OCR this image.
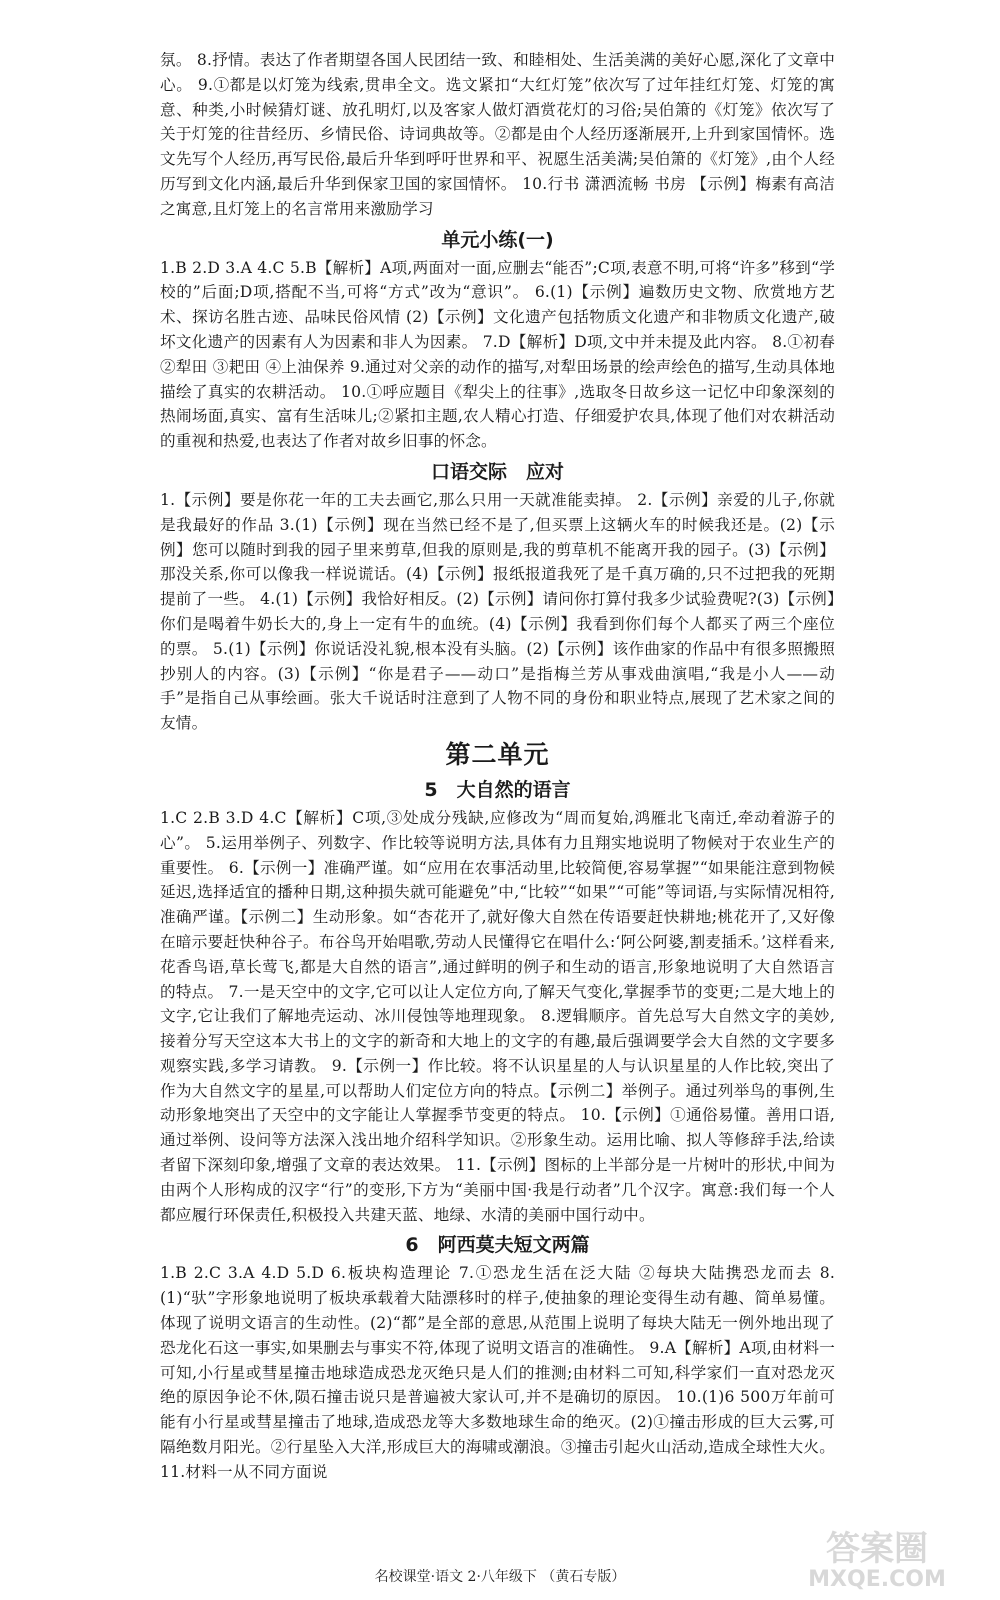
氛。 8.抒情。表达了作者期望各国人民团结一致、和睦相处、生活美满的美好心愿,深化了文章中心。 9.①都是以灯笼为线索,贯串全文。选文紧扣“大红灯笼”依次写了过年挂红灯笼、灯笼的寓意、种类,小时候猜灯谜、放孔明灯,以及客家人做灯酒赏花灯的习俗;吴伯箫的《灯笼》依次写了关于灯笼的往昔经历、乡情民俗、诗词典故等。②都是由个人经历逐渐展开,上升到家国情怀。选文先写个人经历,再写民俗,最后升华到呼吁世界和平、祝愿生活美满;吴伯箫的《灯笼》,由个人经历写到文化内涵,最后升华到保家卫国的家国情怀。 10.行书 潇洒流畅 书房 【示例】梅素有高洁之寓意,且灯笼上的名言常用来激励学习

单元小练(一)

1.B 2.D 3.A 4.C 5.B【解析】A项,两面对一面,应删去“能否”;C项,表意不明,可将“许多”移到“学校的”后面;D项,搭配不当,可将“方式”改为“意识”。 6.(1)【示例】遍数历史文物、欣赏地方艺术、探访名胜古迹、品味民俗风情 (2)【示例】文化遗产包括物质文化遗产和非物质文化遗产,破坏文化遗产的因素有人为因素和非人为因素。 7.D【解析】D项,文中并未提及此内容。 8.①初春 ②犁田 ③耙田 ④上油保养 9.通过对父亲的动作的描写,对犁田场景的绘声绘色的描写,生动具体地描绘了真实的农耕活动。 10.①呼应题目《犁尖上的往事》,选取冬日故乡这一记忆中印象深刻的热闹场面,真实、富有生活味儿;②紧扣主题,农人精心打造、仔细爱护农具,体现了他们对农耕活动的重视和热爱,也表达了作者对故乡旧事的怀念。

口语交际　应对

1.【示例】要是你花一年的工夫去画它,那么只用一天就准能卖掉。 2.【示例】亲爱的儿子,你就是我最好的作品 3.(1)【示例】现在当然已经不是了,但买票上这辆火车的时候我还是。(2)【示例】您可以随时到我的园子里来剪草,但我的原则是,我的剪草机不能离开我的园子。(3)【示例】那没关系,你可以像我一样说谎话。(4)【示例】报纸报道我死了是千真万确的,只不过把我的死期提前了一些。 4.(1)【示例】我恰好相反。(2)【示例】请问你打算付我多少试验费呢?(3)【示例】你们是喝着牛奶长大的,身上一定有牛的血统。(4)【示例】我看到你们每个人都买了两三个座位的票。 5.(1)【示例】你说话没礼貌,根本没有头脑。(2)【示例】该作曲家的作品中有很多照搬照抄别人的内容。(3)【示例】“你是君子——动口”是指梅兰芳从事戏曲演唱,“我是小人——动手”是指自己从事绘画。张大千说话时注意到了人物不同的身份和职业特点,展现了艺术家之间的友情。

第二单元
5　大自然的语言

1.C 2.B 3.D 4.C【解析】C项,③处成分残缺,应修改为“周而复始,鸿雁北飞南迁,牵动着游子的心”。 5.运用举例子、列数字、作比较等说明方法,具体有力且翔实地说明了物候对于农业生产的重要性。 6.【示例一】准确严谨。如“应用在农事活动里,比较简便,容易掌握”“如果能注意到物候延迟,选择适宜的播种日期,这种损失就可能避免”中,“比较”“如果”“可能”等词语,与实际情况相符,准确严谨。【示例二】生动形象。如“杏花开了,就好像大自然在传语要赶快耕地;桃花开了,又好像在暗示要赶快种谷子。布谷鸟开始唱歌,劳动人民懂得它在唱什么:‘阿公阿婆,割麦插禾。’这样看来,花香鸟语,草长莺飞,都是大自然的语言”,通过鲜明的例子和生动的语言,形象地说明了大自然语言的特点。 7.一是天空中的文字,它可以让人定位方向,了解天气变化,掌握季节的变更;二是大地上的文字,它让我们了解地壳运动、冰川侵蚀等地理现象。 8.逻辑顺序。首先总写大自然文字的美妙,接着分写天空这本大书上的文字的新奇和大地上的文字的有趣,最后强调要学会大自然的文字要多观察实践,多学习请教。 9.【示例一】作比较。将不认识星星的人与认识星星的人作比较,突出了作为大自然文字的星星,可以帮助人们定位方向的特点。【示例二】举例子。通过列举鸟的事例,生动形象地突出了天空中的文字能让人掌握季节变更的特点。 10.【示例】①通俗易懂。善用口语,通过举例、设问等方法深入浅出地介绍科学知识。②形象生动。运用比喻、拟人等修辞手法,给读者留下深刻印象,增强了文章的表达效果。 11.【示例】图标的上半部分是一片树叶的形状,中间为由两个人形构成的汉字“行”的变形,下方为“美丽中国·我是行动者”几个汉字。寓意:我们每一个人都应履行环保责任,积极投入共建天蓝、地绿、水清的美丽中国行动中。

6　阿西莫夫短文两篇

1.B 2.C 3.A 4.D 5.D 6.板块构造理论 7.①恐龙生活在泛大陆 ②每块大陆携恐龙而去 8.(1)“驮”字形象地说明了板块承载着大陆漂移时的样子,使抽象的理论变得生动有趣、简单易懂。体现了说明文语言的生动性。(2)“都”是全部的意思,从范围上说明了每块大陆无一例外地出现了恐龙化石这一事实,如果删去与事实不符,体现了说明文语言的准确性。 9.A【解析】A项,由材料一可知,小行星或彗星撞击地球造成恐龙灭绝只是人们的推测;由材料二可知,科学家们一直对恐龙灭绝的原因争论不休,陨石撞击说只是普遍被大家认可,并不是确切的原因。 10.(1)6 500万年前可能有小行星或彗星撞击了地球,造成恐龙等大多数地球生命的绝灭。(2)①撞击形成的巨大云雾,可隔绝数月阳光。②行星坠入大洋,形成巨大的海啸或潮浪。③撞击引起火山活动,造成全球性大火。 11.材料一从不同方面说

名校课堂·语文 2·八年级下 （黄石专版）
答案圈
MXQE.COM
